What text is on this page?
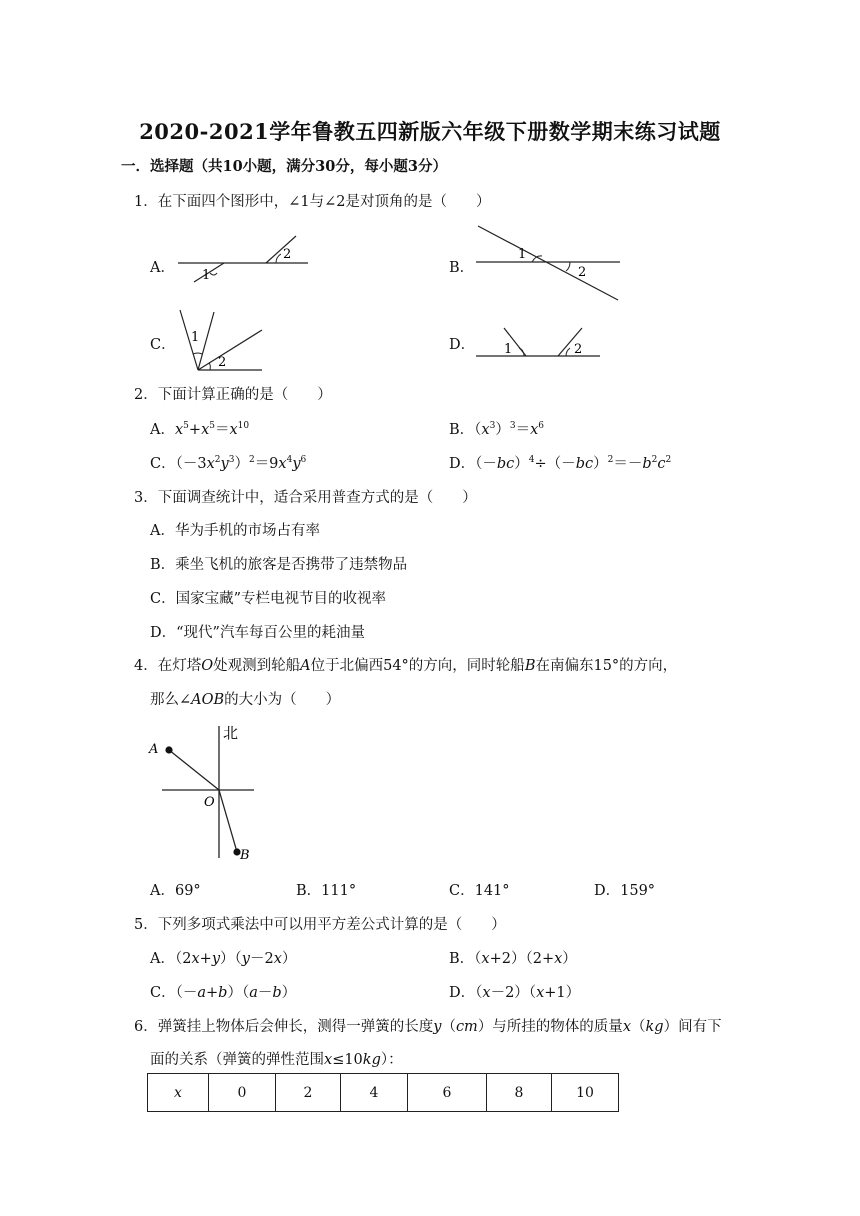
2020-2021学年鲁教五四新版六年级下册数学期末练习试题
一．选择题（共10小题，满分30分，每小题3分）
1．在下面四个图形中，∠1与∠2是对顶角的是（　　）
A． 1
2
B．
1
2
C． 1
2
D． 1	2
2．下面计算正确的是（　　）
A．$x^5+x^5=x^{10}$	B．$(x^3)^3=x^6$
C．$(-3x^2y^3)^2=9x^4y^6$	D．$(-bc)^4\div(-bc)^2=-b^2c^2$
3．下面调查统计中，适合采用普查方式的是（　　）
A．华为手机的市场占有率
B．乘坐飞机的旅客是否携带了违禁物品
C．国家宝藏”专栏电视节目的收视率
D．“现代”汽车每百公里的耗油量
4．在灯塔O处观测到轮船A位于北偏西54°的方向，同时轮船B在南偏东15°的方向，
那么∠AOB的大小为（　　）
北
A
O
B
A．69°	B．111°	C．141°	D．159°
5．下列多项式乘法中可以用平方差公式计算的是（　　）
A．（2x+y）（y－2x）	B．（x+2）（2+x）
C．（－a+b）（a－b）	D．（x－2）（x+1）
6．弹簧挂上物体后会伸长，测得一弹簧的长度y（cm）与所挂的物体的质量x（kg）间有下
面的关系（弹簧的弹性范围x≤10kg）：
x	0	2	4	6	8	10
